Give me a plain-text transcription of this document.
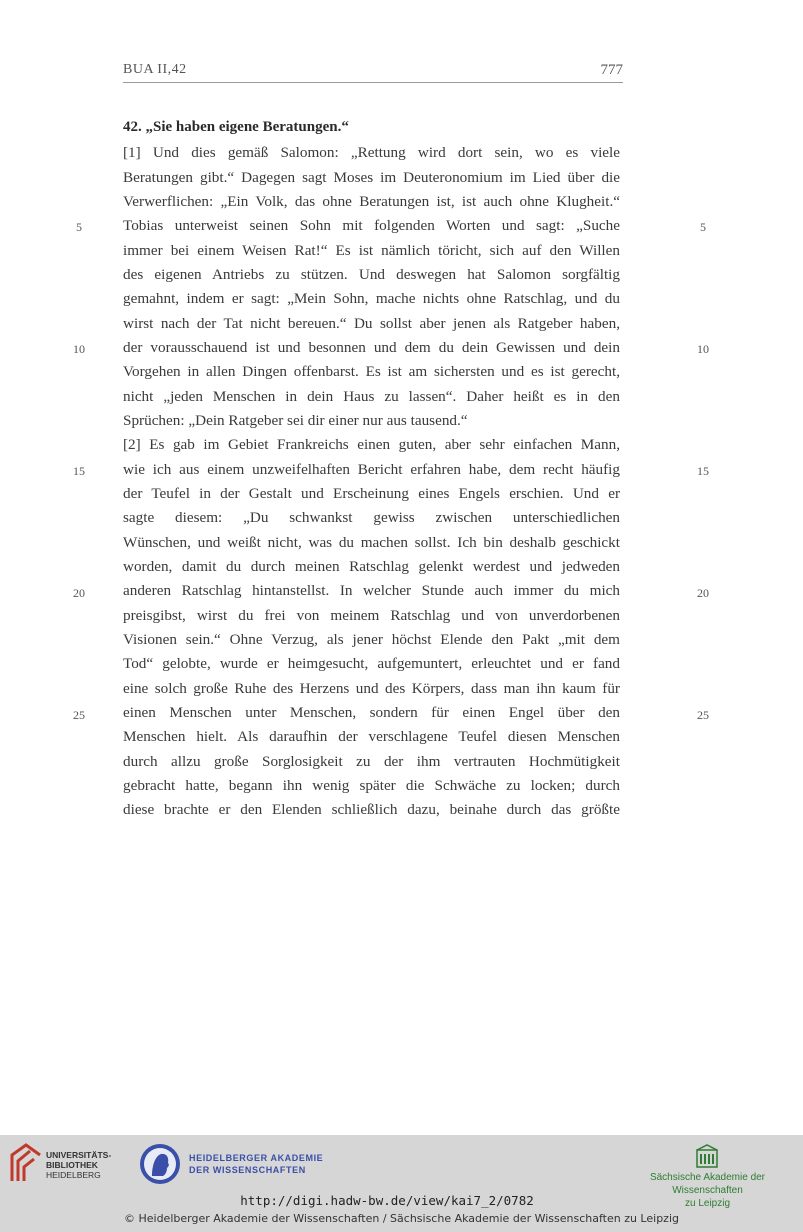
BUA II,42	777
42. „Sie haben eigene Beratungen.“
[1] Und dies gemäß Salomon: „Rettung wird dort sein, wo es viele
Beratungen gibt.“ Dagegen sagt Moses im Deuteronomium im Lied über die
Verwerflichen: „Ein Volk, das ohne Beratungen ist, ist auch ohne Klugheit.“
Tobias unterweist seinen Sohn mit folgenden Worten und sagt: „Suche
immer bei einem Weisen Rat!“ Es ist nämlich töricht, sich auf den Willen
des eigenen Antriebs zu stützen. Und deswegen hat Salomon sorgfältig
gemahnt, indem er sagt: „Mein Sohn, mache nichts ohne Ratschlag, und du
wirst nach der Tat nicht bereuen.“ Du sollst aber jenen als Ratgeber haben,
der vorausschauend ist und besonnen und dem du dein Gewissen und dein
Vorgehen in allen Dingen offenbarst. Es ist am sichersten und es ist gerecht,
nicht „jeden Menschen in dein Haus zu lassen“. Daher heißt es in den
Sprüchen: „Dein Ratgeber sei dir einer nur aus tausend.“
[2] Es gab im Gebiet Frankreichs einen guten, aber sehr einfachen Mann,
wie ich aus einem unzweifelhaften Bericht erfahren habe, dem recht häufig
der Teufel in der Gestalt und Erscheinung eines Engels erschien. Und er
sagte diesem: „Du schwankst gewiss zwischen unterschiedlichen
Wünschen, und weißt nicht, was du machen sollst. Ich bin deshalb geschickt
worden, damit du durch meinen Ratschlag gelenkt werdest und jedweden
anderen Ratschlag hintanstellst. In welcher Stunde auch immer du mich
preisgibst, wirst du frei von meinem Ratschlag und von unverdorbenen
Visionen sein.“ Ohne Verzug, als jener höchst Elende den Pakt „mit dem
Tod“ gelobte, wurde er heimgesucht, aufgemuntert, erleuchtet und er fand
eine solch große Ruhe des Herzens und des Körpers, dass man ihn kaum für
einen Menschen unter Menschen, sondern für einen Engel über den
Menschen hielt. Als daraufhin der verschlagene Teufel diesen Menschen
durch allzu große Sorglosigkeit zu der ihm vertrauten Hochmütigkeit
gebracht hatte, begann ihn wenig später die Schwäche zu locken; durch
diese brachte er den Elenden schließlich dazu, beinahe durch das größte
5	5
10	10
15	15
20	20
25	25
UNIVERSITÄTS-
BIBLIOTHEK
HEIDELBERG
HEIDELBERGER AKADEMIE
DER WISSENSCHAFTEN
Sächsische Akademie der Wissenschaften
zu Leipzig
http://digi.hadw-bw.de/view/kai7_2/0782
© Heidelberger Akademie der Wissenschaften / Sächsische Akademie der Wissenschaften zu Leipzig
